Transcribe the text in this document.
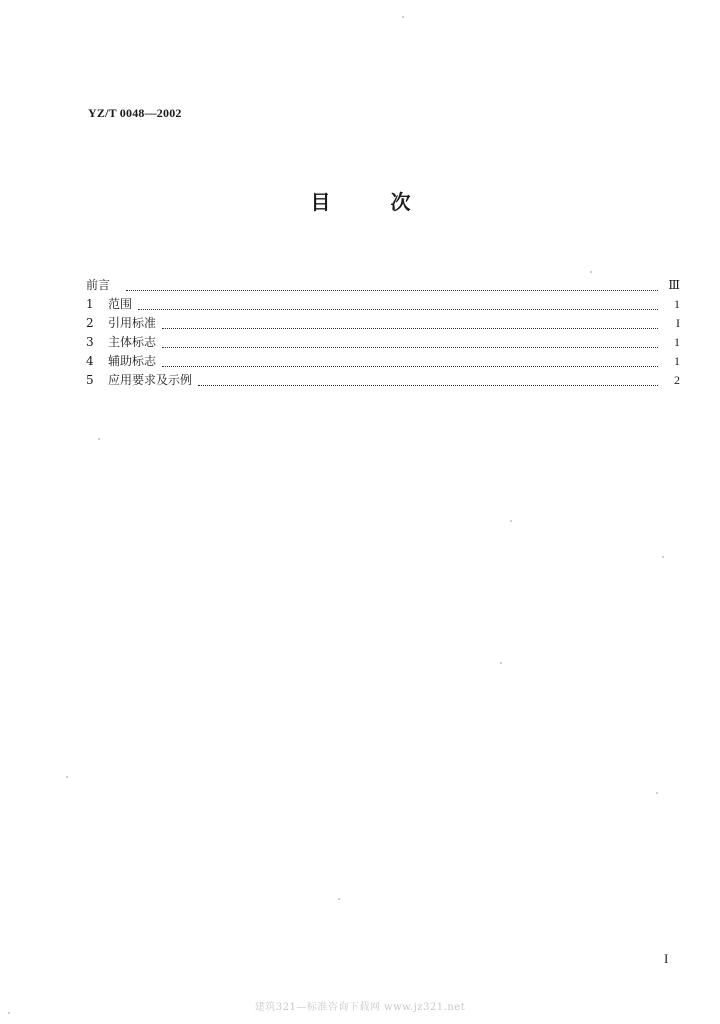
YZ/T 0048—2002
目	次
前言	Ⅲ
1	范围	1
2	引用标准	I
3	主体标志	1
4	辅助标志	1
5	应用要求及示例	2
I
建筑321—标准咨询下载网 www.jz321.net
